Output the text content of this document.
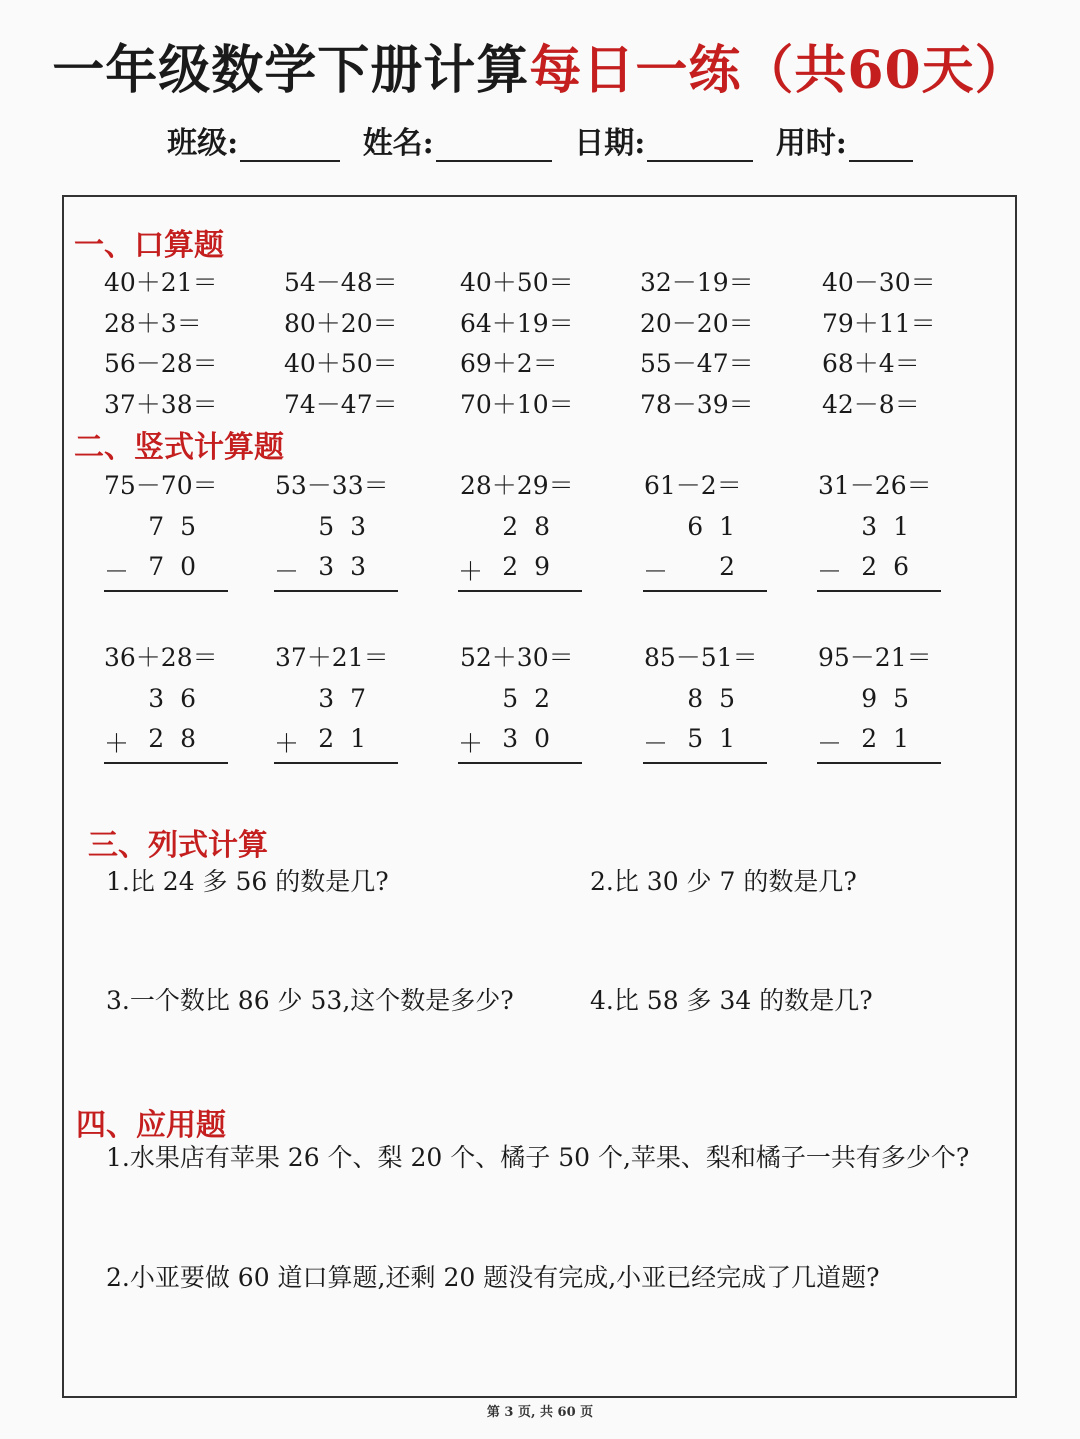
一年级数学下册计算每日一练（共60天）
班级:	姓名:	日期:	用时:
一、口算题
40＋21＝	54－48＝ 40＋50＝	32－19＝	40－30＝
28＋3＝	80＋20＝ 64＋19＝	20－20＝	79＋11＝
56－28＝	40＋50＝ 69＋2＝	55－47＝	68＋4＝
37＋38＝	74－47＝ 70＋10＝	78－39＝	42－8＝
二、竖式计算题
75－70＝ 53－33＝	28＋29＝	61－2＝	31－26＝
75
－ 70
53
－ 33
28
＋ 29
61
－ 2
31
－ 26
36＋28＝ 37＋21＝	52＋30＝	85－51＝ 95－21＝
36
＋ 28
37
＋ 21
52
＋ 30
85
－ 51
95
－ 21
三、列式计算
1.比 24 多 56 的数是几?	2.比 30 少 7 的数是几?
3.一个数比 86 少 53,这个数是多少?	4.比 58 多 34 的数是几?
四、应用题
1.水果店有苹果 26 个、梨 20 个、橘子 50 个,苹果、梨和橘子一共有多少个?
2.小亚要做 60 道口算题,还剩 20 题没有完成,小亚已经完成了几道题?
第 3 页, 共 60 页
